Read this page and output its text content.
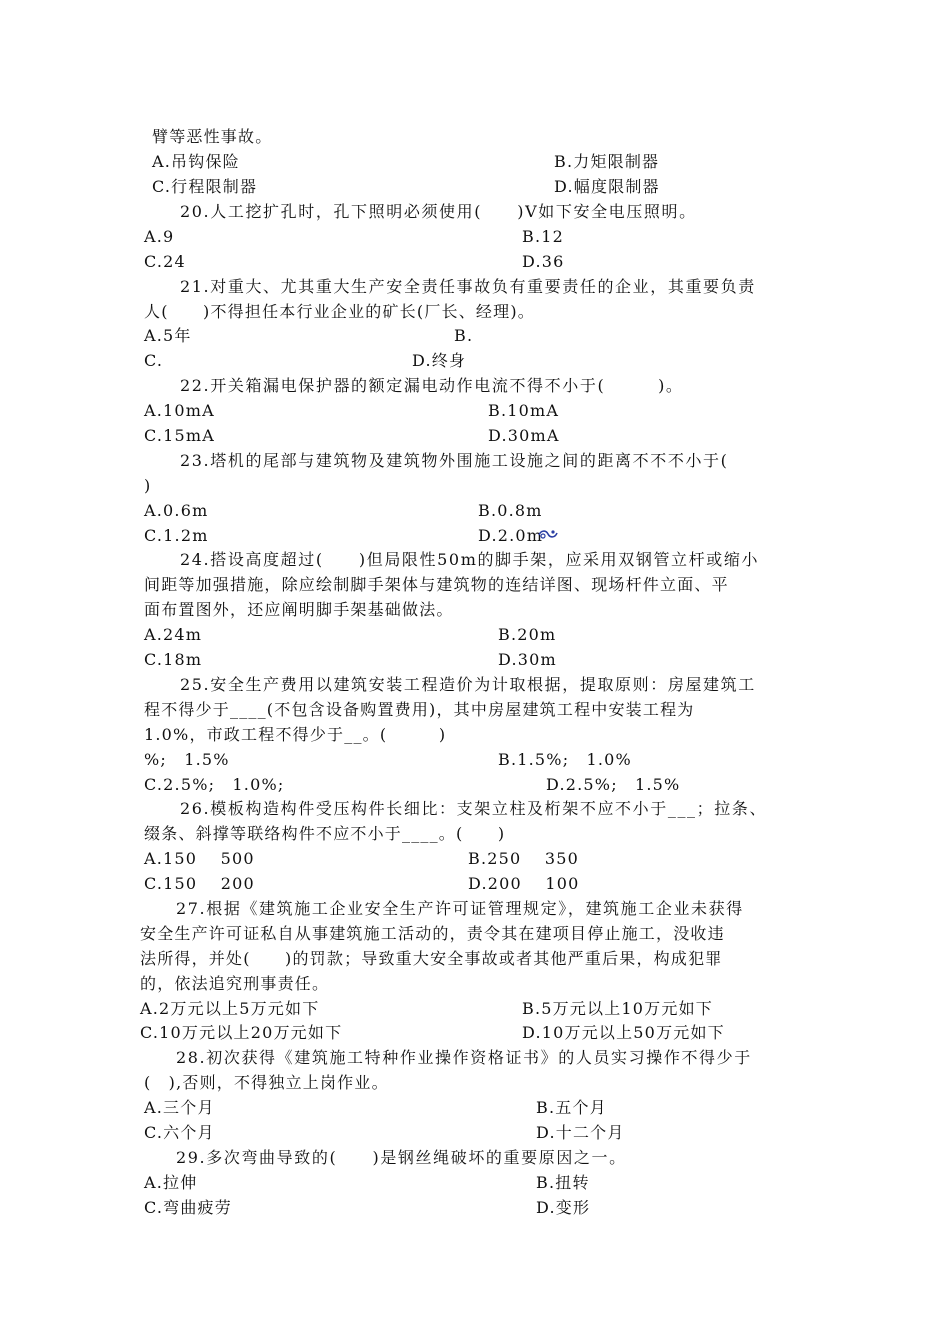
臂等恶性事故。
A.吊钩保险	B.力矩限制器
C.行程限制器	D.幅度限制器
20.人工挖扩孔时，孔下照明必须使用(　　)V如下安全电压照明。
A.9	B.12
C.24	D.36
21.对重大、尤其重大生产安全责任事故负有重要责任的企业，其重要负责
人(　　)不得担任本行业企业的矿长(厂长、经理)。
A.5年	B.
C.	D.终身
22.开关箱漏电保护器的额定漏电动作电流不得不小于(　　　)。
A.10mA	B.10mA
C.15mA	D.30mA
23.塔机的尾部与建筑物及建筑物外围施工设施之间的距离不不不小于(
)
A.0.6m	B.0.8m
C.1.2m	D.2.0m
24.搭设高度超过(　　)但局限性50m的脚手架，应采用双钢管立杆或缩小
间距等加强措施，除应绘制脚手架体与建筑物的连结详图、现场杆件立面、平
面布置图外，还应阐明脚手架基础做法。
A.24m	B.20m
C.18m	D.30m
25.安全生产费用以建筑安装工程造价为计取根据，提取原则：房屋建筑工
程不得少于____(不包含设备购置费用)，其中房屋建筑工程中安装工程为
1.0%，市政工程不得少于__。(　　　)
%;　1.5%	B.1.5%;　1.0%
C.2.5%;　1.0%;	D.2.5%;　1.5%
26.模板构造构件受压构件长细比：支架立柱及桁架不应不小于___；拉条、
缀条、斜撑等联络构件不应不小于____。(　　)
A.150　 500	B.250　 350
C.150　 200	D.200　 100
27.根据《建筑施工企业安全生产许可证管理规定》，建筑施工企业未获得
安全生产许可证私自从事建筑施工活动的，责令其在建项目停止施工，没收违
法所得，并处(　　)的罚款；导致重大安全事故或者其他严重后果，构成犯罪
的，依法追究刑事责任。
A.2万元以上5万元如下	B.5万元以上10万元如下
C.10万元以上20万元如下	D.10万元以上50万元如下
28.初次获得《建筑施工特种作业操作资格证书》的人员实习操作不得少于
(　),否则，不得独立上岗作业。
A.三个月	B.五个月
C.六个月	D.十二个月
29.多次弯曲导致的(　　)是钢丝绳破坏的重要原因之一。
A.拉伸	B.扭转
C.弯曲疲劳	D.变形
